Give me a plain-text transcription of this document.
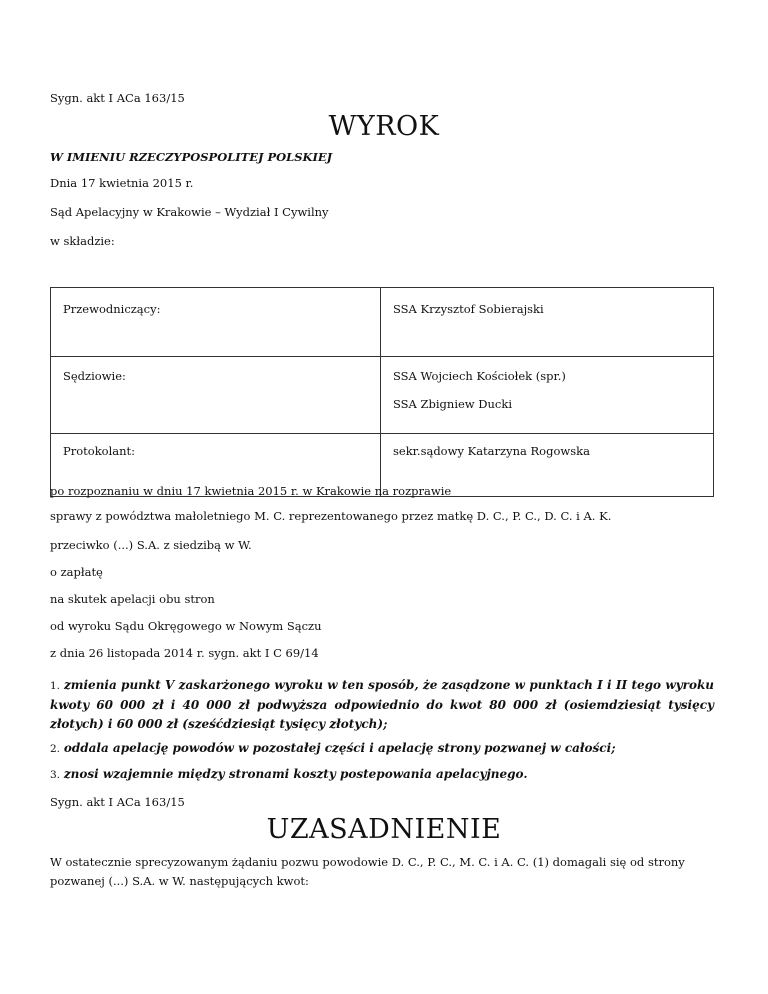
Sygn. akt I ACa 163/15

WYROK

W IMIENIU RZECZYPOSPOLITEJ POLSKIEJ

Dnia 17 kwietnia 2015 r.

Sąd Apelacyjny w Krakowie – Wydział I Cywilny

w składzie:

Przewodniczący:	SSA Krzysztof Sobierajski
Sędziowie:	SSA Wojciech Kościołek (spr.)
SSA Zbigniew Ducki

Protokolant:	sekr.sądowy Katarzyna Rogowska

po rozpoznaniu w dniu 17 kwietnia 2015 r. w Krakowie na rozprawie

sprawy z powództwa małoletniego M. C. reprezentowanego przez matkę D. C., P. C., D. C. i A. K.

przeciwko (...) S.A. z siedzibą w W.

o zapłatę

na skutek apelacji obu stron

od wyroku Sądu Okręgowego w Nowym Sączu

z dnia 26 listopada 2014 r. sygn. akt I C 69/14

1. zmienia punkt V zaskarżonego wyroku w ten sposób, że zasądzone w punktach I i II tego wyroku kwoty 60 000 zł i 40 000 zł podwyższa odpowiednio do kwot 80 000 zł (osiemdziesiąt tysięcy złotych) i 60 000 zł (sześćdziesiąt tysięcy złotych);

2. oddala apelację powodów w pozostałej części i apelację strony pozwanej w całości;

3. znosi wzajemnie między stronami koszty postepowania apelacyjnego.

Sygn. akt I ACa 163/15

UZASADNIENIE

W ostatecznie sprecyzowanym żądaniu pozwu powodowie D. C., P. C., M. C. i A. C. (1) domagali się od strony pozwanej (...) S.A. w W. następujących kwot:
